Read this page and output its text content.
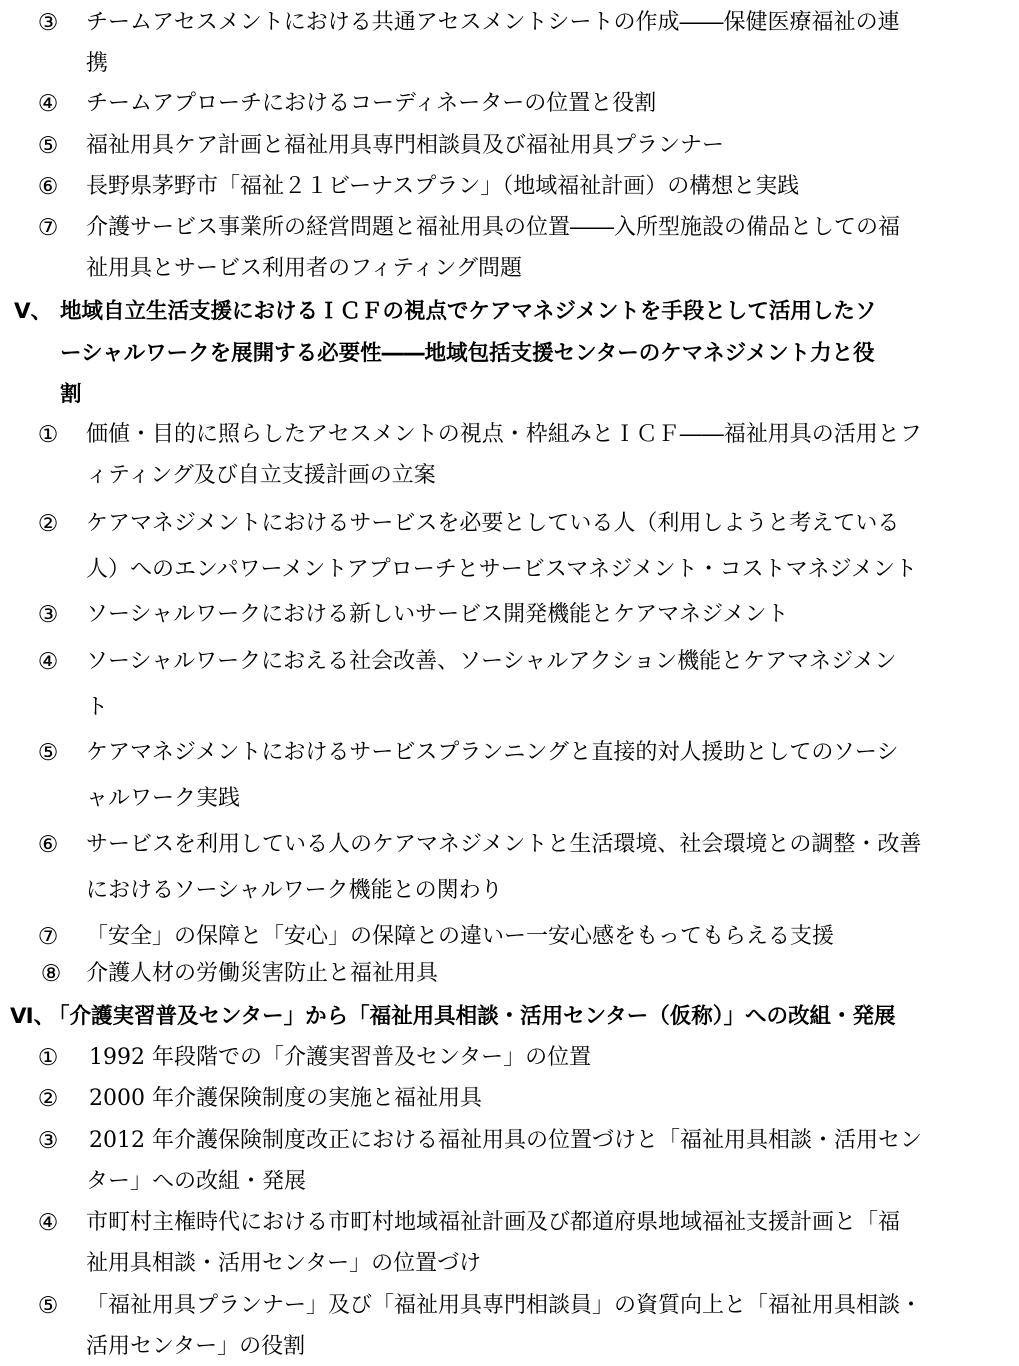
③ チームアセスメントにおける共通アセスメントシートの作成――保健医療福祉の連
携
④ チームアプローチにおけるコーディネーターの位置と役割
⑤ 福祉用具ケア計画と福祉用具専門相談員及び福祉用具プランナー
⑥ 長野県茅野市「福祉２１ビーナスプラン」（地域福祉計画）の構想と実践
⑦ 介護サービス事業所の経営問題と福祉用具の位置――入所型施設の備品としての福
祉用具とサービス利用者のフィティング問題
Ⅴ、 地域自立生活支援におけるＩＣＦの視点でケアマネジメントを手段として活用したソ
ーシャルワークを展開する必要性――地域包括支援センターのケマネジメント力と役
割
① 価値・目的に照らしたアセスメントの視点・枠組みとＩＣＦ――福祉用具の活用とフ
ィティング及び自立支援計画の立案
② ケアマネジメントにおけるサービスを必要としている人（利用しようと考えている
人）へのエンパワーメントアプローチとサービスマネジメント・コストマネジメント
③ ソーシャルワークにおける新しいサービス開発機能とケアマネジメント
④ ソーシャルワークにおえる社会改善、ソーシャルアクション機能とケアマネジメン
ト
⑤ ケアマネジメントにおけるサービスプランニングと直接的対人援助としてのソーシ
ャルワーク実践
⑥ サービスを利用している人のケアマネジメントと生活環境、社会環境との調整・改善
におけるソーシャルワーク機能との関わり
⑦ 「安全」の保障と「安心」の保障との違いー一安心感をもってもらえる支援
⑧ 介護人材の労働災害防止と福祉用具
Ⅵ、
「介護実習普及センター」から「福祉用具相談・活用センター（仮称）」への改組・発展
① 1992 年段階での「介護実習普及センター」の位置
② 2000 年介護保険制度の実施と福祉用具
③ 2012 年介護保険制度改正における福祉用具の位置づけと「福祉用具相談・活用セン
ター」への改組・発展
④ 市町村主権時代における市町村地域福祉計画及び都道府県地域福祉支援計画と「福
祉用具相談・活用センター」の位置づけ
⑤ 「福祉用具プランナー」及び「福祉用具専門相談員」の資質向上と「福祉用具相談・
活用センター」の役割
